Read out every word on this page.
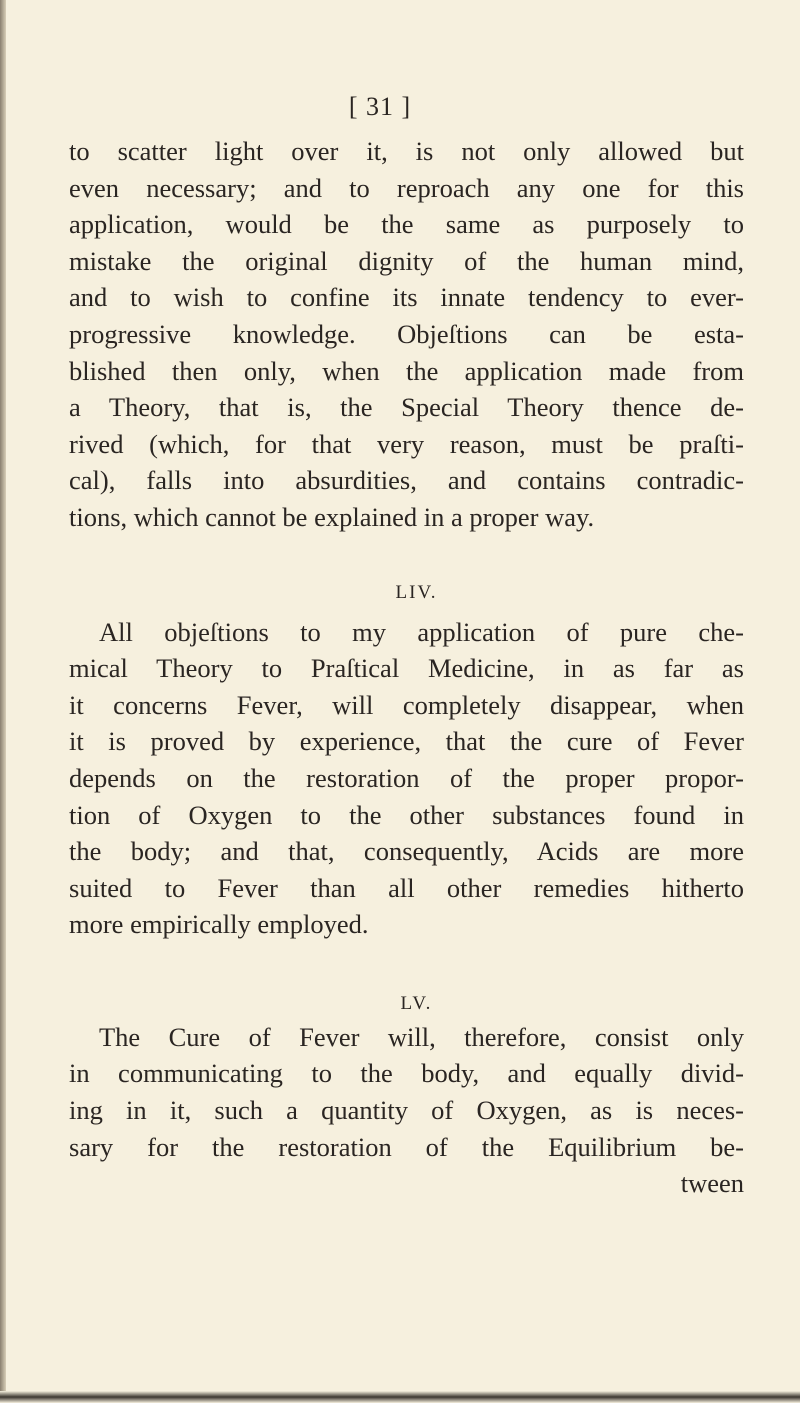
[ 31 ]

to scatter light over it, is not only allowed but
even necessary; and to reproach any one for this
application, would be the same as purposely to
mistake the original dignity of the human mind,
and to wish to confine its innate tendency to ever-
progressive knowledge. Objeſtions can be esta-
blished then only, when the application made from
a Theory, that is, the Special Theory thence de-
rived (which, for that very reason, must be praſti-
cal), falls into absurdities, and contains contradic-
tions, which cannot be explained in a proper way.

LIV.

All objeſtions to my application of pure che-
mical Theory to Praſtical Medicine, in as far as
it concerns Fever, will completely disappear, when
it is proved by experience, that the cure of Fever
depends on the restoration of the proper propor-
tion of Oxygen to the other substances found in
the body; and that, consequently, Acids are more
suited to Fever than all other remedies hitherto
more empirically employed.

LV.

The Cure of Fever will, therefore, consist only
in communicating to the body, and equally divid-
ing in it, such a quantity of Oxygen, as is neces-
sary for the restoration of the Equilibrium be-
tween
